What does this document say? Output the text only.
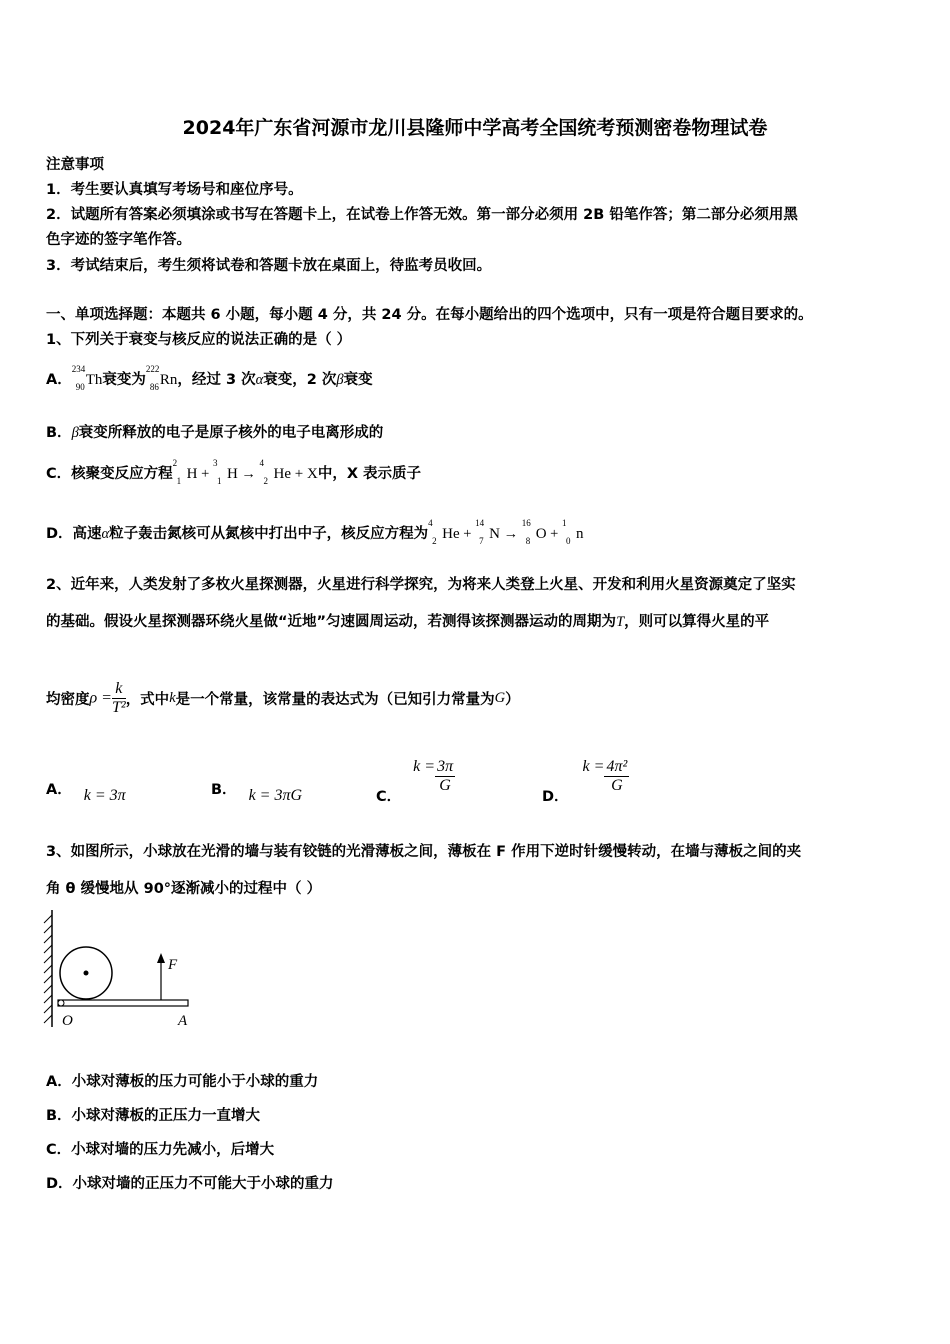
2024年广东省河源市龙川县隆师中学高考全国统考预测密卷物理试卷
注意事项
1．考生要认真填写考场号和座位序号。
2．试题所有答案必须填涂或书写在答题卡上，在试卷上作答无效。第一部分必须用 2B 铅笔作答；第二部分必须用黑
色字迹的签字笔作答。
3．考试结束后，考生须将试卷和答题卡放在桌面上，待监考员收回。
一、单项选择题：本题共 6 小题，每小题 4 分，共 24 分。在每小题给出的四个选项中，只有一项是符合题目要求的。
1、下列关于衰变与核反应的说法正确的是（ ）
A．
234
90 Th衰变为
222
86 Rn，经过 3 次α衰变，2 次β衰变
B．β衰变所释放的电子是原子核外的电子电离形成的
C．核聚变反应方程
2
1 H +
3
1 H →
4
2 He + X中，X 表示质子
D．高速α粒子轰击氮核可从氮核中打出中子，核反应方程为
4
2 He +
14
7 N →
16
8 O +
1
0 n
2、近年来，人类发射了多枚火星探测器，火星进行科学探究，为将来人类登上火星、开发和利用火星资源奠定了坚实
的基础。假设火星探测器环绕火星做“近地”匀速圆周运动，若测得该探测器运动的周期为T，则可以算得火星的平
均密度$\rho = \frac{k}{\text{T²}}$ ，式中k是一个常量，该常量的表达式为（已知引力常量为G）
A． k = 3π	B． k = 3πG	C．$k = \frac{3\pi}{G}$
D．$k = \frac{\text{4π²}}{G}$
3、如图所示，小球放在光滑的墙与装有铰链的光滑薄板之间，薄板在 F 作用下逆时针缓慢转动，在墙与薄板之间的夹
角 θ 缓慢地从 90°逐渐减小的过程中（ ）
F
O	A
A．小球对薄板的压力可能小于小球的重力
B．小球对薄板的正压力一直增大
C．小球对墙的压力先减小，后增大
D．小球对墙的正压力不可能大于小球的重力
